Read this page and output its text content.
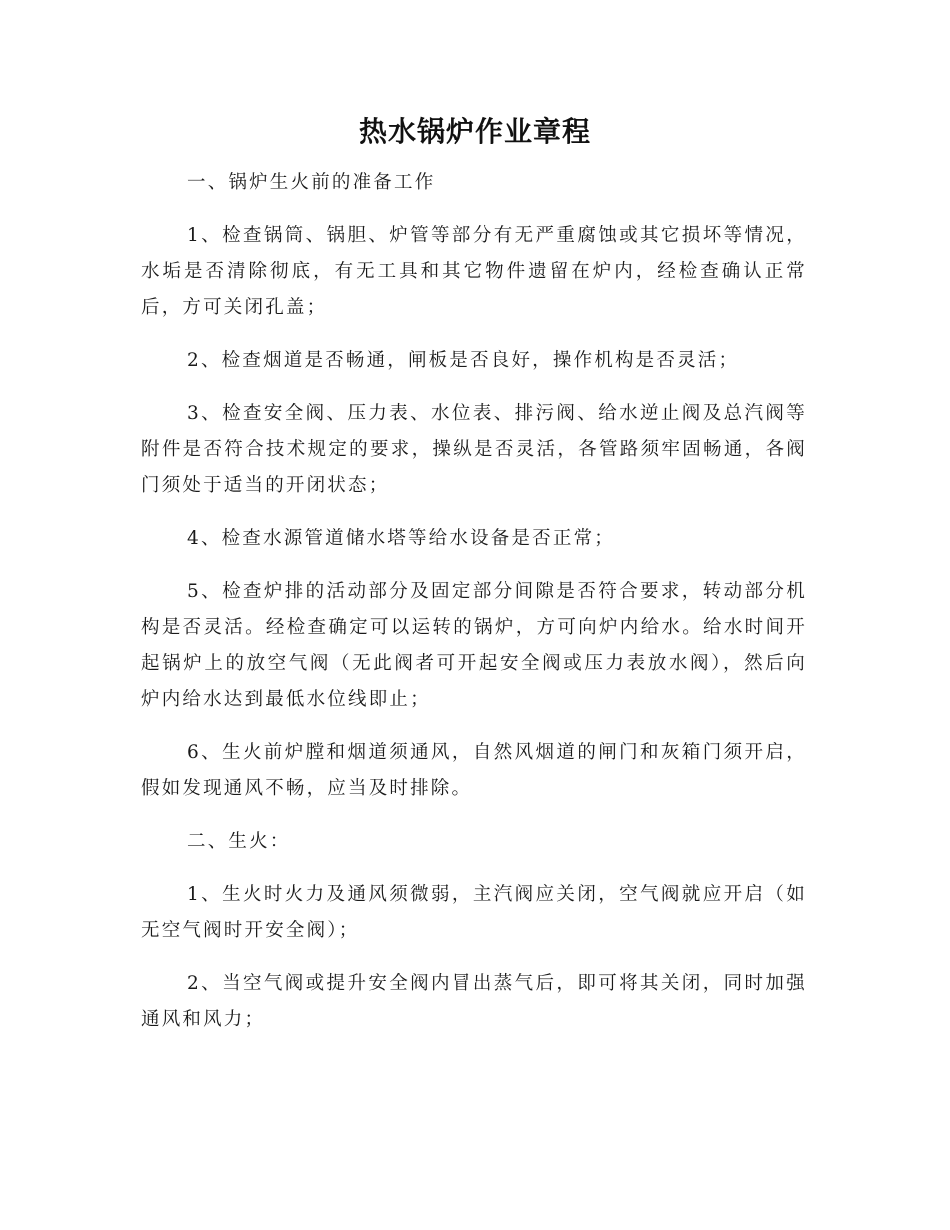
热水锅炉作业章程

一、锅炉生火前的准备工作

1、检查锅筒、锅胆、炉管等部分有无严重腐蚀或其它损坏等情况，水垢是否清除彻底，有无工具和其它物件遗留在炉内，经检查确认正常后，方可关闭孔盖；

2、检查烟道是否畅通，闸板是否良好，操作机构是否灵活；

3、检查安全阀、压力表、水位表、排污阀、给水逆止阀及总汽阀等附件是否符合技术规定的要求，操纵是否灵活，各管路须牢固畅通，各阀门须处于适当的开闭状态；

4、检查水源管道储水塔等给水设备是否正常；

5、检查炉排的活动部分及固定部分间隙是否符合要求，转动部分机构是否灵活。经检查确定可以运转的锅炉，方可向炉内给水。给水时间开起锅炉上的放空气阀（无此阀者可开起安全阀或压力表放水阀），然后向炉内给水达到最低水位线即止；

6、生火前炉膛和烟道须通风，自然风烟道的闸门和灰箱门须开启，假如发现通风不畅，应当及时排除。

二、生火：

1、生火时火力及通风须微弱，主汽阀应关闭，空气阀就应开启（如无空气阀时开安全阀）；

2、当空气阀或提升安全阀内冒出蒸气后，即可将其关闭，同时加强通风和风力；
